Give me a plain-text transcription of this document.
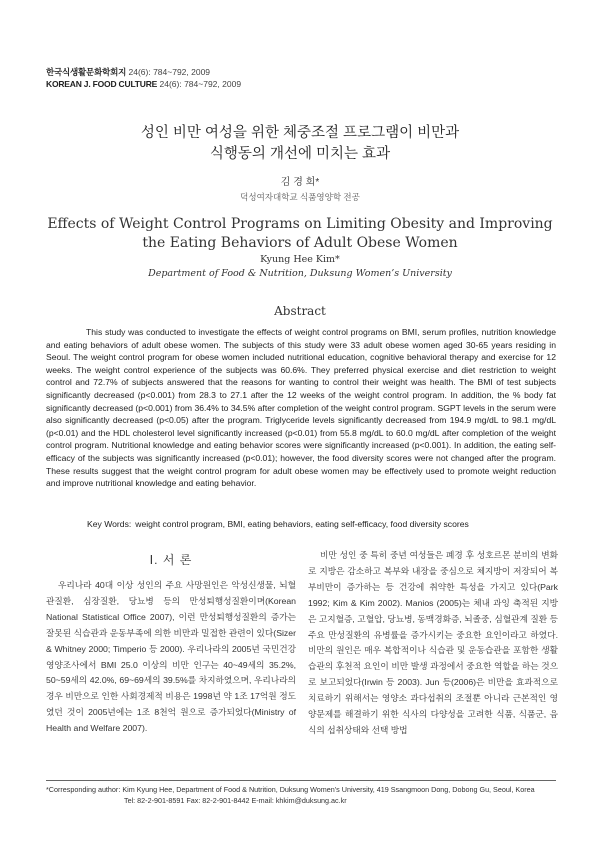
한국식생활문화학회지 24(6): 784~792, 2009
KOREAN J. FOOD CULTURE 24(6): 784~792, 2009
성인 비만 여성을 위한 체중조절 프로그램이 비만과
식행동의 개선에 미치는 효과
김 경 희*
덕성여자대학교 식품영양학 전공
Effects of Weight Control Programs on Limiting Obesity and Improving
the Eating Behaviors of Adult Obese Women
Kyung Hee Kim*
Department of Food & Nutrition, Duksung Women’s University
Abstract
This study was conducted to investigate the effects of weight control programs on BMI, serum profiles, nutrition knowledge and eating behaviors of adult obese women. The subjects of this study were 33 adult obese women aged 30-65 years residing in Seoul. The weight control program for obese women included nutritional education, cognitive behavioral therapy and exercise for 12 weeks. The weight control experience of the subjects was 60.6%. They preferred physical exercise and diet restriction to weight control and 72.7% of subjects answered that the reasons for wanting to control their weight was health. The BMI of test subjects significantly decreased (p<0.001) from 28.3 to 27.1 after the 12 weeks of the weight control program. In addition, the % body fat significantly decreased (p<0.001) from 36.4% to 34.5% after completion of the weight control program. SGPT levels in the serum were also significantly decreased (p<0.05) after the program. Triglyceride levels significantly decreased from 194.9 mg/dL to 98.1 mg/dL (p<0.01) and the HDL cholesterol level significantly increased (p<0.01) from 55.8 mg/dL to 60.0 mg/dL after completion of the weight control program. Nutritional knowledge and eating behavior scores were significantly increased (p<0.001). In addition, the eating self-efficacy of the subjects was significantly increased (p<0.01); however, the food diversity scores were not changed after the program. These results suggest that the weight control program for adult obese women may be effectively used to promote weight reduction and improve nutritional knowledge and eating behavior.
Key Words: weight control program, BMI, eating behaviors, eating self-efficacy, food diversity scores
Ⅰ. 서 론

우리나라 40대 이상 성인의 주요 사망원인은 악성신생물, 뇌혈관질환, 심장질환, 당뇨병 등의 만성퇴행성질환이며(Korean National Statistical Office 2007), 이런 만성퇴행성질환의 증가는 잘못된 식습관과 운동부족에 의한 비만과 밀접한 관련이 있다(Sizer & Whitney 2000; Timperio 등 2000). 우리나라의 2005년 국민건강영양조사에서 BMI 25.0 이상의 비만 인구는 40~49세의 35.2%, 50~59세의 42.0%, 69~69세의 39.5%를 차지하였으며, 우리나라의 경우 비만으로 인한 사회경제적 비용은 1998년 약 1조 17억원 정도였던 것이 2005년에는 1조 8천억 원으로 증가되었다(Ministry of Health and Welfare 2007).

비만 성인 중 특히 중년 여성들은 폐경 후 성호르몬 분비의 변화로 지방은 감소하고 복부와 내장을 중심으로 체지방이 저장되어 복부비만이 증가하는 등 건강에 취약한 특성을 가지고 있다(Park 1992; Kim & Kim 2002). Manios (2005)는 체내 과잉 축적된 지방은 고지혈증, 고혈압, 당뇨병, 동맥경화증, 뇌졸중, 심혈관계 질환 등 주요 만성질환의 유병률을 증가시키는 중요한 요인이라고 하였다. 비만의 원인은 매우 복합적이나 식습관 및 운동습관을 포함한 생활습관의 후천적 요인이 비만 발생 과정에서 중요한 역할을 하는 것으로 보고되었다(Irwin 등 2003). Jun 등(2006)은 비만을 효과적으로 치료하기 위해서는 영양소 과다섭취의 조절뿐 아니라 근본적인 영양문제를 해결하기 위한 식사의 다양성을 고려한 식품, 식품군, 음식의 섭취상태와 선택 방법

*Corresponding author: Kim Kyung Hee, Department of Food & Nutrition, Duksung Women’s University, 419 Ssangmoon Dong, Dobong Gu, Seoul, Korea
Tel: 82-2-901-8591 Fax: 82-2-901-8442 E-mail: khkim@duksung.ac.kr
